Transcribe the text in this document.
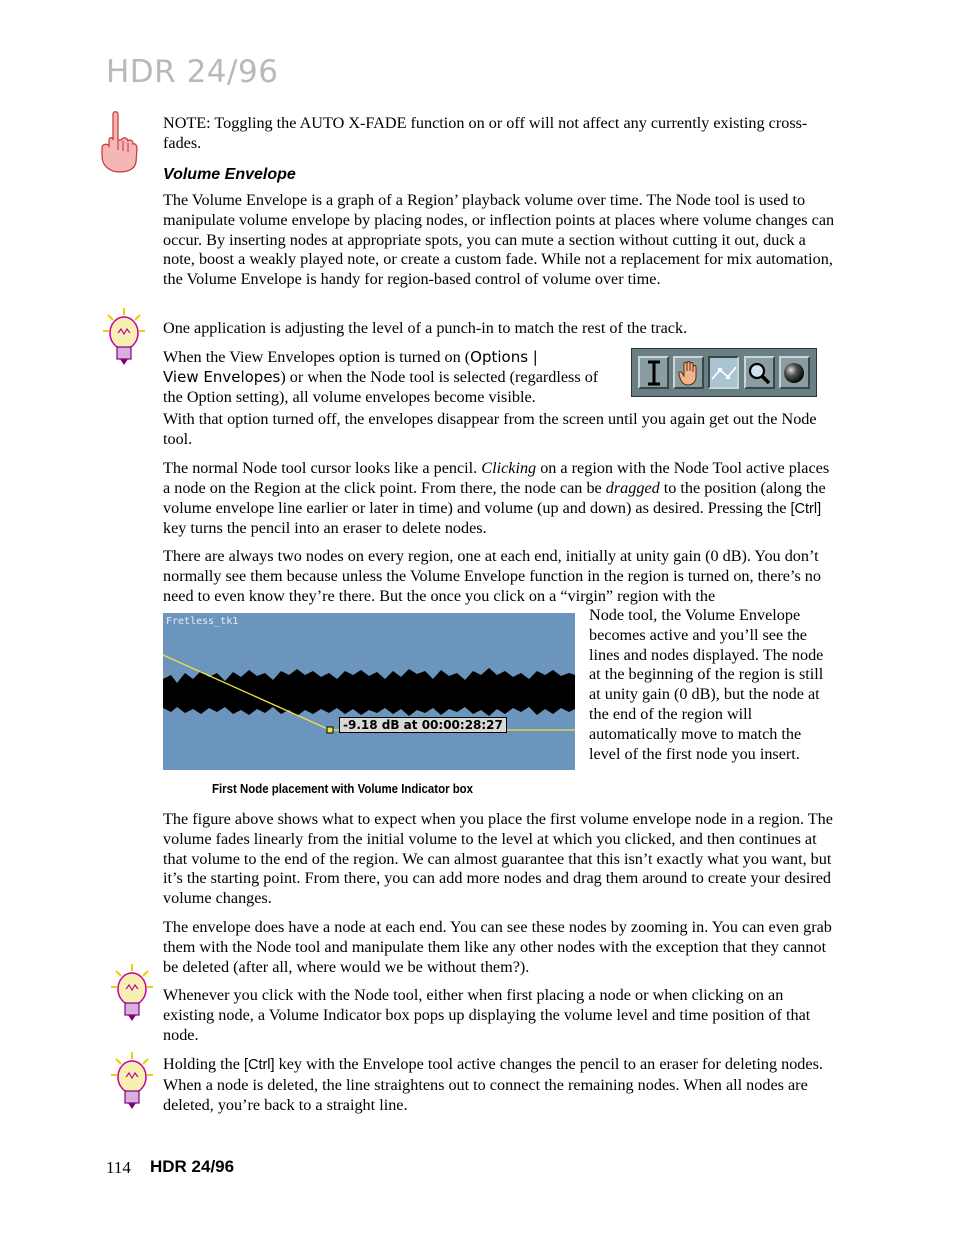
HDR 24/96

NOTE: Toggling the AUTO X-FADE function on or off will not affect any currently existing cross-fades.

Volume Envelope

The Volume Envelope is a graph of a Region’ playback volume over time. The Node tool is used to manipulate volume envelope by placing nodes, or inflection points at places where volume changes can occur. By inserting nodes at appropriate spots, you can mute a section without cutting it out, duck a note, boost a weakly played note, or create a custom fade. While not a replacement for mix automation, the Volume Envelope is handy for region-based control of volume over time.

One application is adjusting the level of a punch-in to match the rest of the track.

When the View Envelopes option is turned on (Options |
View Envelopes) or when the Node tool is selected (regardless of the Option setting), all volume envelopes become visible.

With that option turned off, the envelopes disappear from the screen until you again get out the Node tool.

The normal Node tool cursor looks like a pencil. Clicking on a region with the Node Tool active places a node on the Region at the click point. From there, the node can be dragged to the position (along the volume envelope line earlier or later in time) and volume (up and down) as desired. Pressing the [Ctrl] key turns the pencil into an eraser to delete nodes.

There are always two nodes on every region, one at each end, initially at unity gain (0 dB). You don’t normally see them because unless the Volume Envelope function in the region is turned on, there’s no need to even know they’re there. But the once you click on a “virgin” region with the

Node tool, the Volume Envelope becomes active and you’ll see the lines and nodes displayed. The node at the beginning of the region is still at unity gain (0 dB), but the node at the end of the region will automatically move to match the level of the first node you insert.

Fretless_tk1
-9.18 dB at 00:00:28:27
First Node placement with Volume Indicator box

The figure above shows what to expect when you place the first volume envelope node in a region. The volume fades linearly from the initial volume to the level at which you clicked, and then continues at that volume to the end of the region. We can almost guarantee that this isn’t exactly what you want, but it’s the starting point. From there, you can add more nodes and drag them around to create your desired volume changes.

The envelope does have a node at each end. You can see these nodes by zooming in. You can even grab them with the Node tool and manipulate them like any other nodes with the exception that they cannot be deleted (after all, where would we be without them?).

Whenever you click with the Node tool, either when first placing a node or when clicking on an existing node, a Volume Indicator box pops up displaying the volume level and time position of that node.

Holding the [Ctrl] key with the Envelope tool active changes the pencil to an eraser for deleting nodes. When a node is deleted, the line straightens out to connect the remaining nodes. When all nodes are deleted, you’re back to a straight line.

114 HDR 24/96
